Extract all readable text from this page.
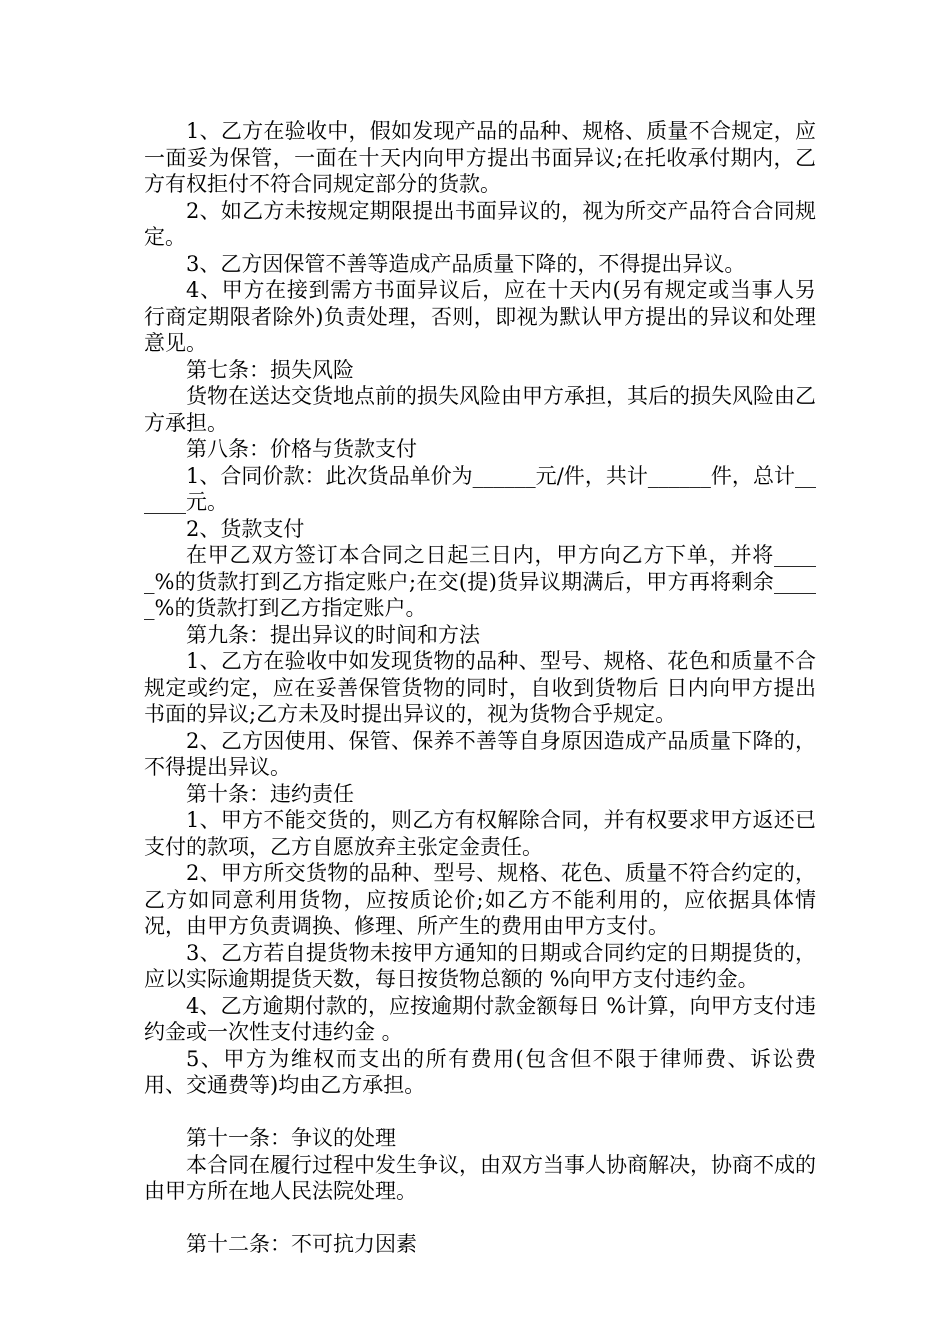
1、乙方在验收中，假如发现产品的品种、规格、质量不合规定，应一面妥为保管，一面在十天内向甲方提出书面异议;在托收承付期内，乙方有权拒付不符合同规定部分的货款。

2、如乙方未按规定期限提出书面异议的，视为所交产品符合合同规定。

3、乙方因保管不善等造成产品质量下降的，不得提出异议。

4、甲方在接到需方书面异议后，应在十天内(另有规定或当事人另行商定期限者除外)负责处理，否则，即视为默认甲方提出的异议和处理意见。

第七条：损失风险

货物在送达交货地点前的损失风险由甲方承担，其后的损失风险由乙方承担。

第八条：价格与货款支付

1、合同价款：此次货品单价为______元/件，共计______件，总计______元。

2、货款支付

在甲乙双方签订本合同之日起三日内，甲方向乙方下单，并将_____%的货款打到乙方指定账户;在交(提)货异议期满后，甲方再将剩余_____%的货款打到乙方指定账户。

第九条：提出异议的时间和方法

1、乙方在验收中如发现货物的品种、型号、规格、花色和质量不合规定或约定，应在妥善保管货物的同时，自收到货物后 日内向甲方提出书面的异议;乙方未及时提出异议的，视为货物合乎规定。

2、乙方因使用、保管、保养不善等自身原因造成产品质量下降的，不得提出异议。

第十条：违约责任

1、甲方不能交货的，则乙方有权解除合同，并有权要求甲方返还已支付的款项，乙方自愿放弃主张定金责任。

2、甲方所交货物的品种、型号、规格、花色、质量不符合约定的，乙方如同意利用货物，应按质论价;如乙方不能利用的，应依据具体情况，由甲方负责调换、修理、所产生的费用由甲方支付。

3、乙方若自提货物未按甲方通知的日期或合同约定的日期提货的，应以实际逾期提货天数，每日按货物总额的 %向甲方支付违约金。

4、乙方逾期付款的，应按逾期付款金额每日 %计算，向甲方支付违约金或一次性支付违约金 。

5、甲方为维权而支出的所有费用(包含但不限于律师费、诉讼费用、交通费等)均由乙方承担。

第十一条：争议的处理

本合同在履行过程中发生争议，由双方当事人协商解决，协商不成的由甲方所在地人民法院处理。

第十二条：不可抗力因素
